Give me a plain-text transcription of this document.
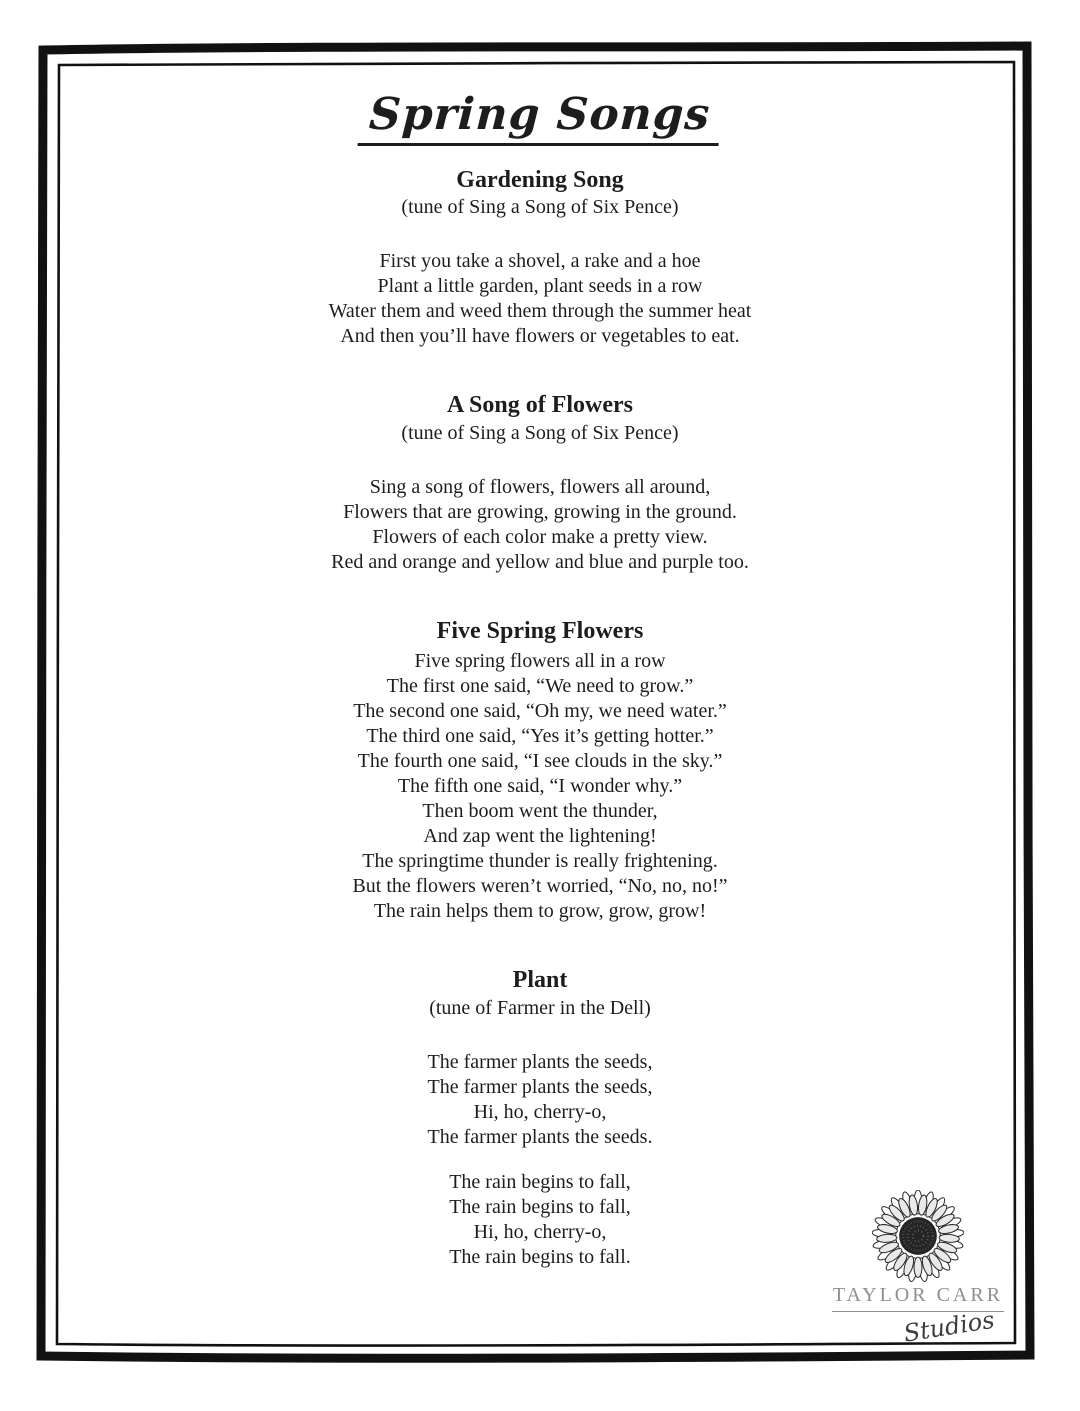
Spring Songs
Gardening Song

(tune of Sing a Song of Six Pence)

First you take a shovel, a rake and a hoe

Plant a little garden, plant seeds in a row

Water them and weed them through the summer heat

And then you’ll have flowers or vegetables to eat.

A Song of Flowers

(tune of Sing a Song of Six Pence)

Sing a song of flowers, flowers all around,

Flowers that are growing, growing in the ground.

Flowers of each color make a pretty view.

Red and orange and yellow and blue and purple too.

Five Spring Flowers

Five spring flowers all in a row

The first one said, “We need to grow.”

The second one said, “Oh my, we need water.”

The third one said, “Yes it’s getting hotter.”

The fourth one said, “I see clouds in the sky.”

The fifth one said, “I wonder why.”

Then boom went the thunder,

And zap went the lightening!

The springtime thunder is really frightening.

But the flowers weren’t worried, “No, no, no!”

The rain helps them to grow, grow, grow!

Plant

(tune of Farmer in the Dell)

The farmer plants the seeds,

The farmer plants the seeds,

Hi, ho, cherry-o,

The farmer plants the seeds.

The rain begins to fall,

The rain begins to fall,

Hi, ho, cherry-o,

The rain begins to fall.

TAYLOR CARR
Studios
